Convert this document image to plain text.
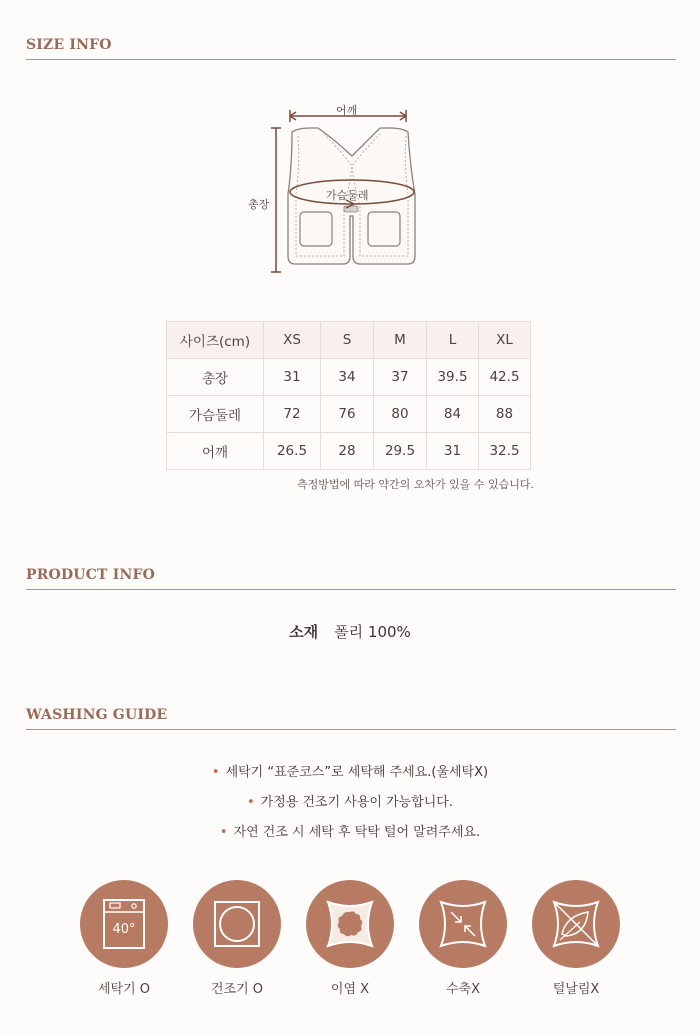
SIZE INFO
어깨
총장
가슴둘레
사이즈(cm)	XS	S	M	L	XL
총장	31	34	37	39.5	42.5
가슴둘레	72	76	80	84	88
어깨	26.5	28	29.5	31	32.5
측정방법에 따라 약간의 오차가 있을 수 있습니다.
PRODUCT INFO
소재 폴리 100%
WASHING GUIDE
• 세탁기 “표준코스”로 세탁해 주세요.(울세탁X)
• 가정용 건조기 사용이 가능합니다.
• 자연 건조 시 세탁 후 탁탁 털어 말려주세요.
40°
세탁기 O	건조기 O	이염 X	수축X	털날림X
